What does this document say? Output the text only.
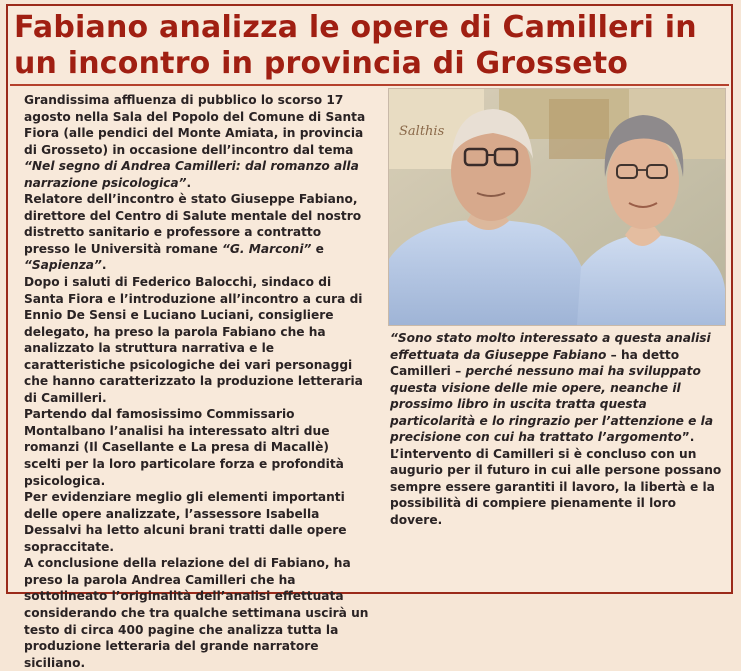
Fabiano analizza le opere di Camilleri in un incontro in provincia di Grosseto

Grandissima affluenza di pubblico lo scorso 17 agosto nella Sala del Popolo del Comune di Santa Fiora (alle pendici del Monte Amiata, in provincia di Grosseto) in occasione dell’incontro dal tema “Nel segno di Andrea Camilleri: dal romanzo alla narrazione psicologica”.

Relatore dell’incontro è stato Giuseppe Fabiano, direttore del Centro di Salute mentale del nostro distretto sanitario e professore a contratto presso le Università romane “G. Marconi” e “Sapienza”.

Dopo i saluti di Federico Balocchi, sindaco di Santa Fiora e l’introduzione all’incontro a cura di Ennio De Sensi e Luciano Luciani, consigliere delegato, ha preso la parola Fabiano che ha analizzato la struttura narrativa e le caratteristiche psicologiche dei vari personaggi che hanno caratterizzato la produzione letteraria di Camilleri.

Partendo dal famosissimo Commissario Montalbano l’analisi ha interessato altri due romanzi (Il Casellante e La presa di Macallè) scelti per la loro particolare forza e profondità psicologica.

Per evidenziare meglio gli elementi importanti delle opere analizzate, l’assessore Isabella Dessalvi ha letto alcuni brani tratti dalle opere sopraccitate.

A conclusione della relazione del di Fabiano, ha preso la parola Andrea Camilleri che ha sottolineato l’originalità dell’analisi effettuata considerando che tra qualche settimana uscirà un testo di circa 400 pagine che analizza tutta la produzione letteraria del grande narratore siciliano.

“Sono stato molto interessato a questa analisi effettuata da Giuseppe Fabiano – ha detto Camilleri – perché nessuno mai ha sviluppato questa visione delle mie opere, neanche il prossimo libro in uscita tratta questa particolarità e lo ringrazio per l’attenzione e la precisione con cui ha trattato l’argomento”.

L’intervento di Camilleri si è concluso con un augurio per il futuro in cui alle persone possano sempre essere garantiti il lavoro, la libertà e la possibilità di compiere pienamente il loro dovere.

Salthis
